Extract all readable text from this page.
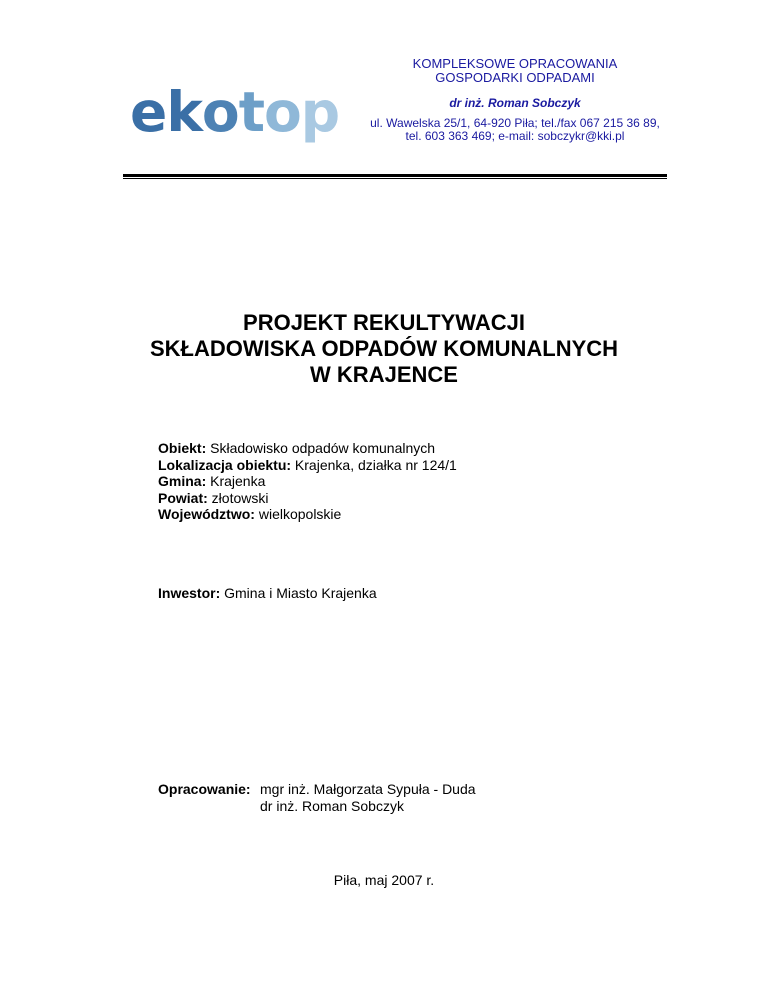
ekotop
KOMPLEKSOWE OPRACOWANIA
GOSPODARKI ODPADAMI
dr inż. Roman Sobczyk
ul. Wawelska 25/1, 64-920 Piła; tel./fax 067 215 36 89,
tel. 603 363 469; e-mail: sobczykr@kki.pl
PROJEKT REKULTYWACJI
SKŁADOWISKA ODPADÓW KOMUNALNYCH
W KRAJENCE
Obiekt: Składowisko odpadów komunalnych
Lokalizacja obiektu: Krajenka, działka nr 124/1
Gmina: Krajenka
Powiat: złotowski
Województwo: wielkopolskie
Inwestor: Gmina i Miasto Krajenka
Opracowanie: mgr inż. Małgorzata Sypuła - Duda
dr inż. Roman Sobczyk
Piła, maj 2007 r.
